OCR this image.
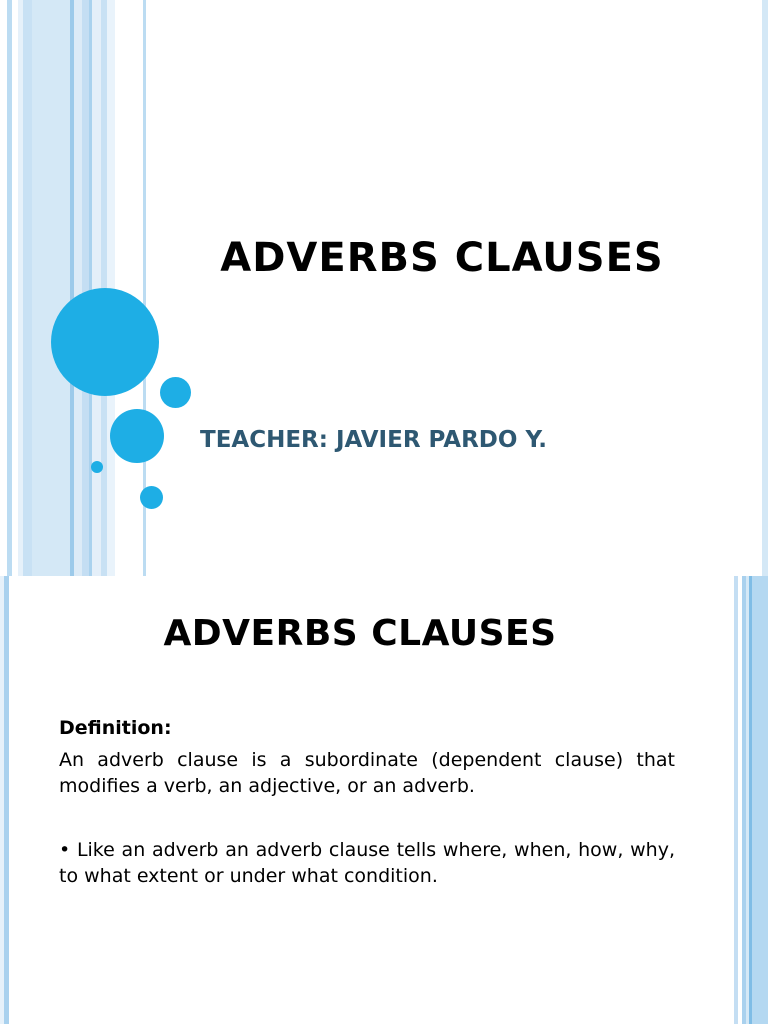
ADVERBS CLAUSES

TEACHER: JAVIER PARDO Y.

ADVERBS CLAUSES

Definition:

An adverb clause is a subordinate (dependent clause) that modifies a verb, an adjective, or an adverb.

• Like an adverb an adverb clause tells where, when, how, why, to what extent or under what condition.
